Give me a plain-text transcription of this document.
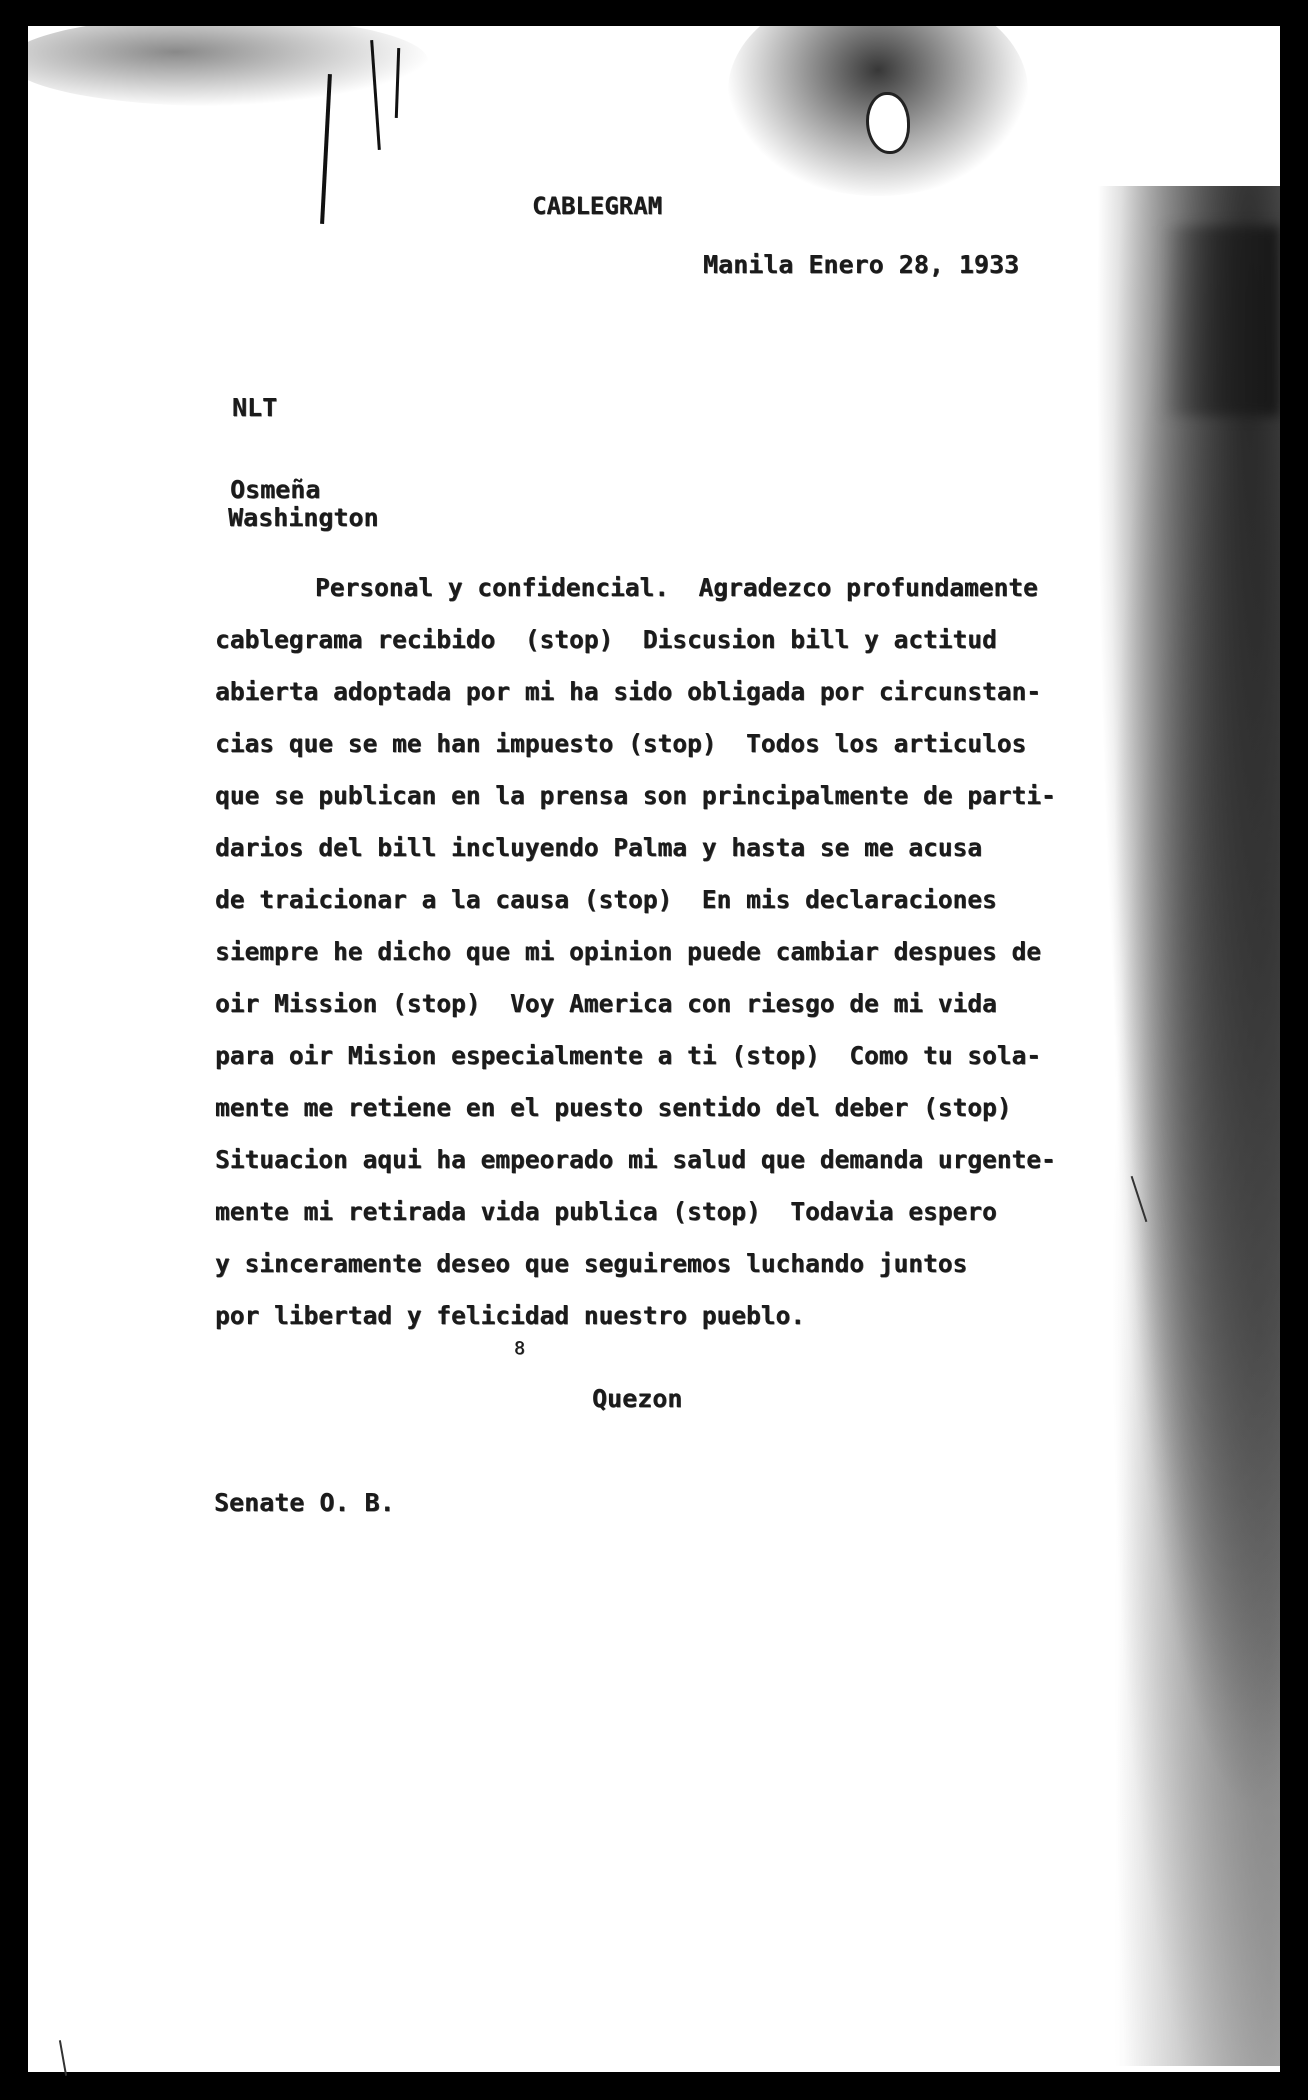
CABLEGRAM
Manila Enero 28, 1933
NLT
Osmeña
Washington
Personal y confidencial.  Agradezco profundamente
cablegrama recibido  (stop)  Discusion bill y actitud
abierta adoptada por mi ha sido obligada por circunstan-
cias que se me han impuesto (stop)  Todos los articulos
que se publican en la prensa son principalmente de parti-
darios del bill incluyendo Palma y hasta se me acusa
de traicionar a la causa (stop)  En mis declaraciones
siempre he dicho que mi opinion puede cambiar despues de
oir Mission (stop)  Voy America con riesgo de mi vida
para oir Mision especialmente a ti (stop)  Como tu sola-
mente me retiene en el puesto sentido del deber (stop)
Situacion aqui ha empeorado mi salud que demanda urgente-
mente mi retirada vida publica (stop)  Todavia espero
y sinceramente deseo que seguiremos luchando juntos
por libertad y felicidad nuestro pueblo.
8
Quezon
Senate O. B.
